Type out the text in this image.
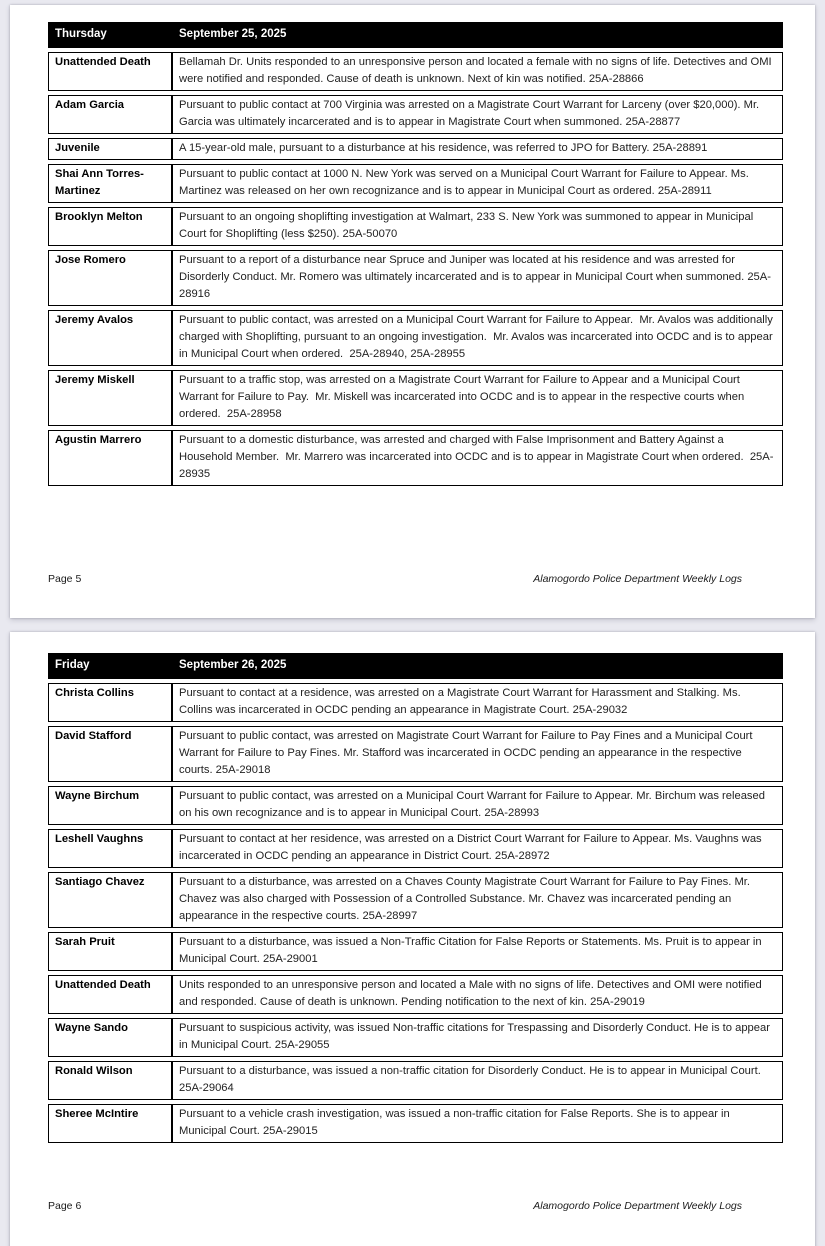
Thursday	September 25, 2025
Unattended Death	Bellamah Dr. Units responded to an unresponsive person and located a female with no signs of life. Detectives and OMI were notified and responded. Cause of death is unknown. Next of kin was notified. 25A-28866
Adam Garcia	Pursuant to public contact at 700 Virginia was arrested on a Magistrate Court Warrant for Larceny (over $20,000). Mr. Garcia was ultimately incarcerated and is to appear in Magistrate Court when summoned. 25A-28877
Juvenile	A 15-year-old male, pursuant to a disturbance at his residence, was referred to JPO for Battery. 25A-28891
Shai Ann Torres-Martinez	Pursuant to public contact at 1000 N. New York was served on a Municipal Court Warrant for Failure to Appear. Ms. Martinez was released on her own recognizance and is to appear in Municipal Court as ordered. 25A-28911
Brooklyn Melton	Pursuant to an ongoing shoplifting investigation at Walmart, 233 S. New York was summoned to appear in Municipal Court for Shoplifting (less $250). 25A-50070
Jose Romero	Pursuant to a report of a disturbance near Spruce and Juniper was located at his residence and was arrested for Disorderly Conduct. Mr. Romero was ultimately incarcerated and is to appear in Municipal Court when summoned. 25A-28916
Jeremy Avalos	Pursuant to public contact, was arrested on a Municipal Court Warrant for Failure to Appear.  Mr. Avalos was additionally charged with Shoplifting, pursuant to an ongoing investigation.  Mr. Avalos was incarcerated into OCDC and is to appear in Municipal Court when ordered.  25A-28940, 25A-28955
Jeremy Miskell	Pursuant to a traffic stop, was arrested on a Magistrate Court Warrant for Failure to Appear and a Municipal Court Warrant for Failure to Pay.  Mr. Miskell was incarcerated into OCDC and is to appear in the respective courts when ordered.  25A-28958
Agustin Marrero	Pursuant to a domestic disturbance, was arrested and charged with False Imprisonment and Battery Against a Household Member.  Mr. Marrero was incarcerated into OCDC and is to appear in Magistrate Court when ordered.  25A-28935
Page 5	Alamogordo Police Department Weekly Logs
Friday	September 26, 2025
Christa Collins	Pursuant to contact at a residence, was arrested on a Magistrate Court Warrant for Harassment and Stalking. Ms. Collins was incarcerated in OCDC pending an appearance in Magistrate Court. 25A-29032
David Stafford	Pursuant to public contact, was arrested on Magistrate Court Warrant for Failure to Pay Fines and a Municipal Court Warrant for Failure to Pay Fines. Mr. Stafford was incarcerated in OCDC pending an appearance in the respective courts. 25A-29018
Wayne Birchum	Pursuant to public contact, was arrested on a Municipal Court Warrant for Failure to Appear. Mr. Birchum was released on his own recognizance and is to appear in Municipal Court. 25A-28993
Leshell Vaughns	Pursuant to contact at her residence, was arrested on a District Court Warrant for Failure to Appear. Ms. Vaughns was incarcerated in OCDC pending an appearance in District Court. 25A-28972
Santiago Chavez	Pursuant to a disturbance, was arrested on a Chaves County Magistrate Court Warrant for Failure to Pay Fines. Mr. Chavez was also charged with Possession of a Controlled Substance. Mr. Chavez was incarcerated pending an appearance in the respective courts. 25A-28997
Sarah Pruit	Pursuant to a disturbance, was issued a Non-Traffic Citation for False Reports or Statements. Ms. Pruit is to appear in Municipal Court. 25A-29001
Unattended Death	Units responded to an unresponsive person and located a Male with no signs of life. Detectives and OMI were notified and responded. Cause of death is unknown. Pending notification to the next of kin. 25A-29019
Wayne Sando	Pursuant to suspicious activity, was issued Non-traffic citations for Trespassing and Disorderly Conduct. He is to appear in Municipal Court. 25A-29055
Ronald Wilson	Pursuant to a disturbance, was issued a non-traffic citation for Disorderly Conduct. He is to appear in Municipal Court. 25A-29064
Sheree McIntire	Pursuant to a vehicle crash investigation, was issued a non-traffic citation for False Reports. She is to appear in Municipal Court. 25A-29015
Page 6	Alamogordo Police Department Weekly Logs
